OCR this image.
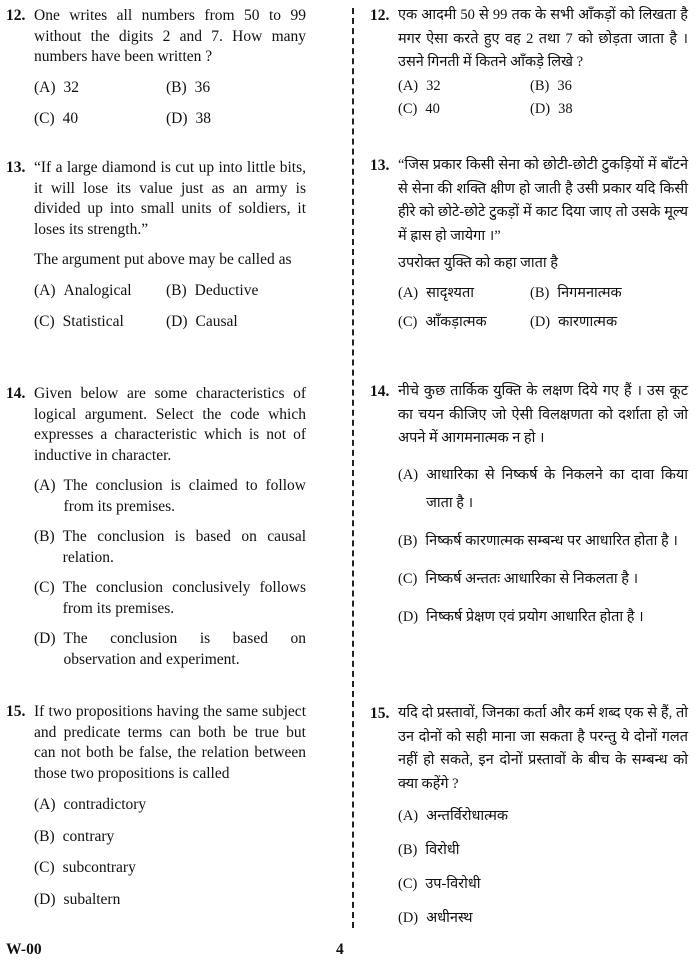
12. One writes all numbers from 50 to 99 without the digits 2 and 7. How many numbers have been written ?
(A) 32	(B) 36
(C) 40	(D) 38
13. “If a large diamond is cut up into little bits, it will lose its value just as an army is divided up into small units of soldiers, it loses its strength.”
The argument put above may be called as
(A) Analogical	(B) Deductive
(C) Statistical	(D) Causal
14. Given below are some characteristics of logical argument. Select the code which expresses a characteristic which is not of inductive in character.
(A) The conclusion is claimed to follow from its premises.
(B) The conclusion is based on causal relation.
(C) The conclusion conclusively follows from its premises.
(D) The conclusion is based on observation and experiment.
15. If two propositions having the same subject and predicate terms can both be true but can not both be false, the relation between those two propositions is called
(A) contradictory
(B) contrary
(C) subcontrary
(D) subaltern
12. एक आदमी 50 से 99 तक के सभी आँकड़ों को लिखता है मगर ऐसा करते हुए वह 2 तथा 7 को छोड़ता जाता है । उसने गिनती में कितने आँकड़े लिखे ?
(A) 32	(B) 36
(C) 40	(D) 38
13. “जिस प्रकार किसी सेना को छोटी-छोटी टुकड़ियों में बाँटने से सेना की शक्ति क्षीण हो जाती है उसी प्रकार यदि किसी हीरे को छोटे-छोटे टुकड़ों में काट दिया जाए तो उसके मूल्य में ह्रास हो जायेगा ।”
उपरोक्त युक्ति को कहा जाता है
(A) सादृश्यता	(B) निगमनात्मक
(C) आँकड़ात्मक	(D) कारणात्मक
14. नीचे कुछ तार्किक युक्ति के लक्षण दिये गए हैं । उस कूट का चयन कीजिए जो ऐसी विलक्षणता को दर्शाता हो जो अपने में आगमनात्मक न हो ।
(A) आधारिका से निष्कर्ष के निकलने का दावा किया जाता है ।
(B) निष्कर्ष कारणात्मक सम्बन्ध पर आधारित होता है ।
(C) निष्कर्ष अन्ततः आधारिका से निकलता है ।
(D) निष्कर्ष प्रेक्षण एवं प्रयोग आधारित होता है ।
15. यदि दो प्रस्तावों, जिनका कर्ता और कर्म शब्द एक से हैं, तो उन दोनों को सही माना जा सकता है परन्तु ये दोनों गलत नहीं हो सकते, इन दोनों प्रस्तावों के बीच के सम्बन्ध को क्या कहेंगे ?
(A) अन्तर्विरोधात्मक
(B) विरोधी
(C) उप-विरोधी
(D) अधीनस्थ
W-00	4
